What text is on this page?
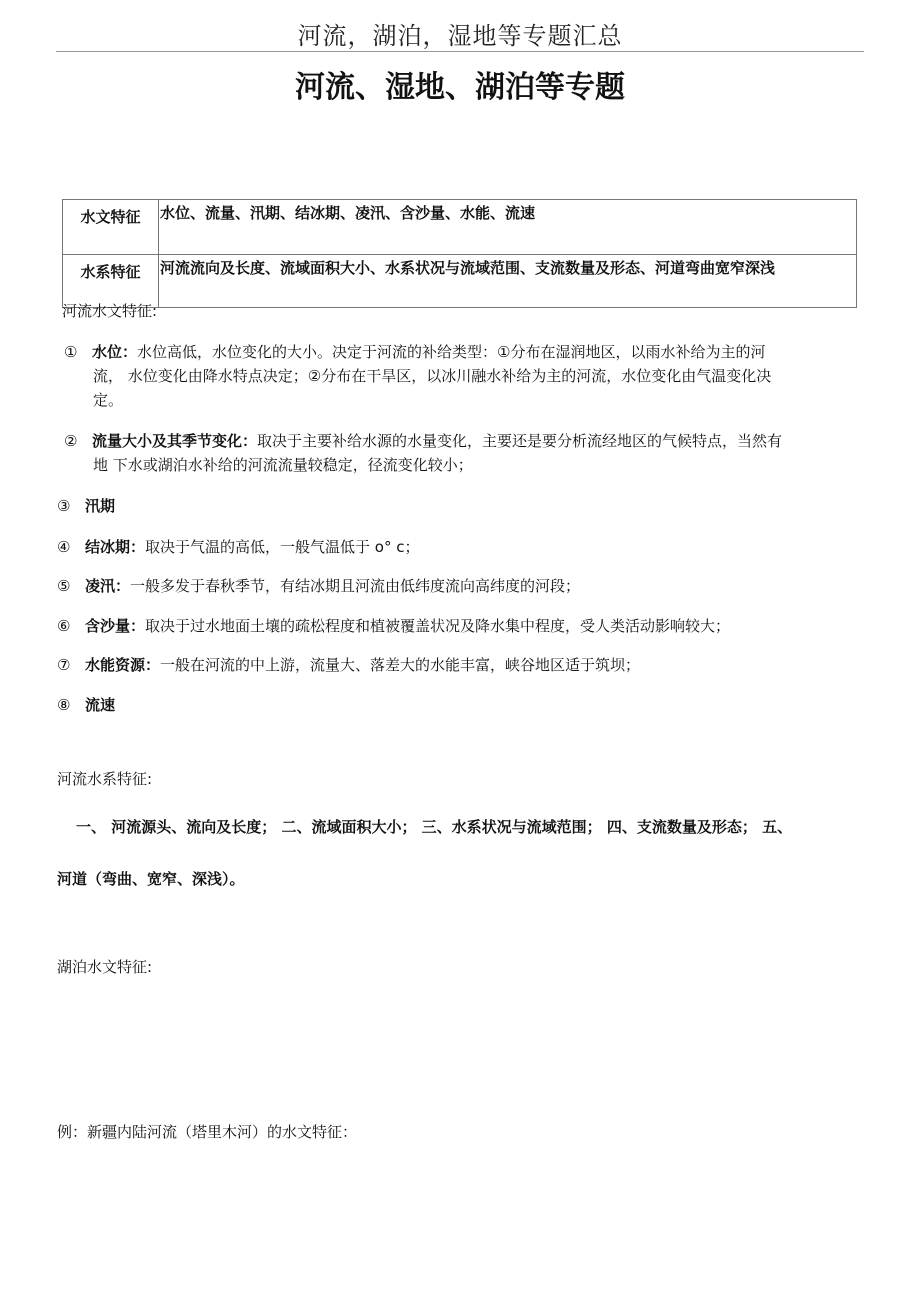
河流，湖泊，湿地等专题汇总
河流、湿地、湖泊等专题
水文特征	水位、流量、汛期、结冰期、凌汛、含沙量、水能、流速
水系特征	河流流向及长度、流域面积大小、水系状况与流域范围、支流数量及形态、河道弯曲宽窄深浅
河流水文特征:
① 水位：水位高低，水位变化的大小。决定于河流的补给类型：①分布在湿润地区，以雨水补给为主的河
流， 水位变化由降水特点决定；②分布在干旱区，以冰川融水补给为主的河流，水位变化由气温变化决
定。
② 流量大小及其季节变化：取决于主要补给水源的水量变化，主要还是要分析流经地区的气候特点，当然有
地 下水或湖泊水补给的河流流量较稳定，径流变化较小；
③ 汛期
④ 结冰期：取决于气温的高低，一般气温低于 o° c；
⑤ 凌汛：一般多发于春秋季节，有结冰期且河流由低纬度流向高纬度的河段；
⑥ 含沙量：取决于过水地面土壤的疏松程度和植被覆盖状况及降水集中程度，受人类活动影响较大；
⑦ 水能资源：一般在河流的中上游，流量大、落差大的水能丰富，峡谷地区适于筑坝；
⑧ 流速
河流水系特征:
一、 河流源头、流向及长度； 二、流域面积大小； 三、水系状况与流域范围； 四、支流数量及形态； 五、
河道（弯曲、宽窄、深浅）。
湖泊水文特征:
例：新疆内陆河流（塔里木河）的水文特征：
